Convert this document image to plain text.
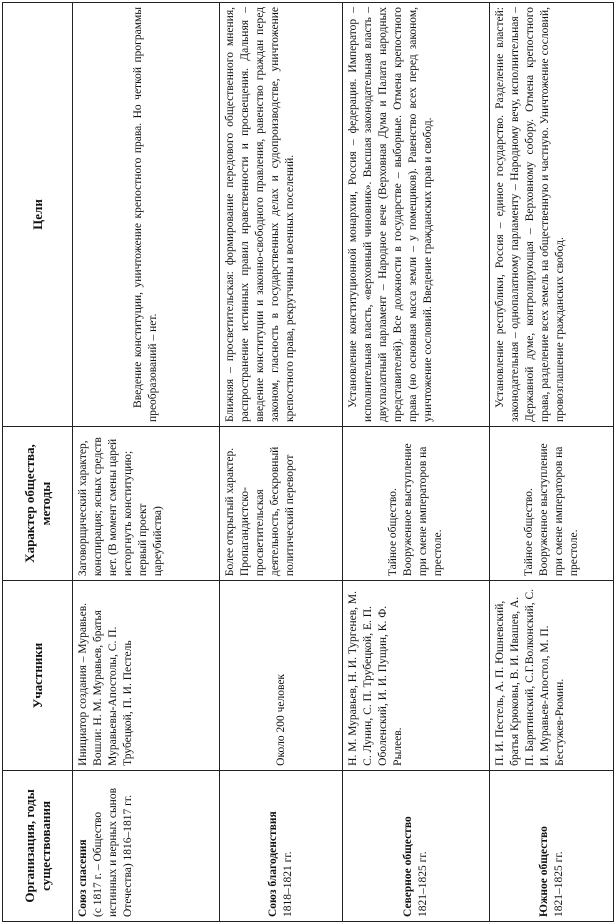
Организация, годы существования	Участники	Характер общества, методы	Цели

Союз спасения (с 1817 г. – Общество истинных и верных сынов Отечества) 1816–1817 гг.	Инициатор создания – Муравьев. Вошли: Н. М. Муравьев, братья Муравьевы-Апостолы, С. П. Трубецкой, П. И. Пестель	Заговорщический характер, конспирация; ясных средств нет. (В момент смены царей исторгнуть конституцию; первый проект цареубийства)	Введение конституции, уничтожение крепостного права. Но четкой программы преобразований – нет.

Союз благоденствия 1818–1821 гг.	Около 200 человек	Более открытый характер. Пропагандистско-просветительская деятельность, бескровный политический переворот	Ближняя – просветительская: формирование передового общественного мнения, распространение истинных правил нравственности и просвещения. Дальняя – введение конституции и законно-свободного правления, равенство граждан перед законом, гласность в государственных делах и судопроизводстве, уничтожение крепостного права, рекрутчины и военных поселений.

Северное общество 1821–1825 гг.	Н. М. Муравьев, Н. И. Тургенев, М. С. Лунин, С. П. Трубецкой, Е. П. Оболенский, И. И. Пущин, К. Ф. Рылеев.	Тайное общество. Вооруженное выступление при смене императоров на престоле.	Установление конституционной монархии, Россия – федерация. Император – исполнительная власть, «верховный чиновник». Высшая законодательная власть – двухпалатный парламент – Народное вече (Верховная Дума и Палата народных представителей). Все должности в государстве – выборные. Отмена крепостного права (но основная масса земли – у помещиков). Равенство всех перед законом, уничтожение сословий. Введение гражданских прав и свобод.

Южное общество 1821–1825 гг.	П. И. Пестель, А. П. Юшневский, братья Крюковы, В. И. Ивашев, А. П. Барятинский, С.Г.Волконский, С. И. Муравьев-Апостол, М. П. Бестужев-Рюмин.	Тайное общество. Вооруженное выступление при смене императоров на престоле.	Установление республики, Россия – единое государство. Разделение властей: законодательная – однопалатному парламенту – Народному вечу, исполнительная – Державной думе, контролирующая – Верховному собору. Отмена крепостного права, разделение всех земель на общественную и частную. Уничтожение сословий, провозглашение гражданских свобод.
